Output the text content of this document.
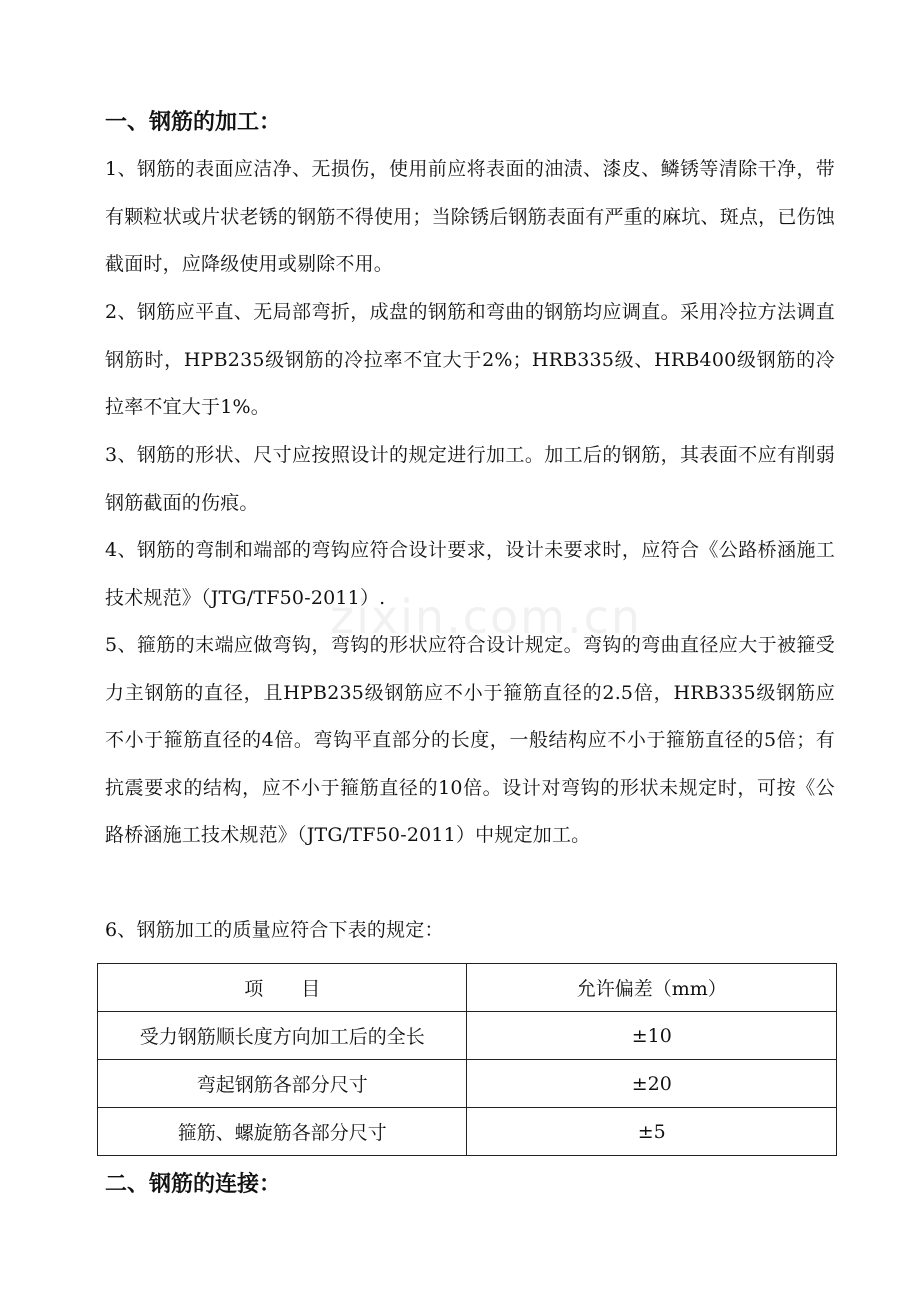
一、钢筋的加工：

1、钢筋的表面应洁净、无损伤，使用前应将表面的油渍、漆皮、鳞锈等清除干净，带有颗粒状或片状老锈的钢筋不得使用；当除锈后钢筋表面有严重的麻坑、斑点，已伤蚀截面时，应降级使用或剔除不用。

2、钢筋应平直、无局部弯折，成盘的钢筋和弯曲的钢筋均应调直。采用冷拉方法调直钢筋时，HPB235级钢筋的冷拉率不宜大于2%；HRB335级、HRB400级钢筋的冷拉率不宜大于1%。

3、钢筋的形状、尺寸应按照设计的规定进行加工。加工后的钢筋，其表面不应有削弱钢筋截面的伤痕。

4、钢筋的弯制和端部的弯钩应符合设计要求，设计未要求时，应符合《公路桥涵施工技术规范》（JTG/TF50-2011）.

5、箍筋的末端应做弯钩，弯钩的形状应符合设计规定。弯钩的弯曲直径应大于被箍受力主钢筋的直径，且HPB235级钢筋应不小于箍筋直径的2.5倍，HRB335级钢筋应不小于箍筋直径的4倍。弯钩平直部分的长度，一般结构应不小于箍筋直径的5倍；有抗震要求的结构，应不小于箍筋直径的10倍。设计对弯钩的形状未规定时，可按《公路桥涵施工技术规范》（JTG/TF50-2011）中规定加工。

6、钢筋加工的质量应符合下表的规定：

项　　目	允许偏差（mm）
受力钢筋顺长度方向加工后的全长	±10
弯起钢筋各部分尺寸	±20
箍筋、螺旋筋各部分尺寸	±5
二、钢筋的连接：
zixin.com.cn
